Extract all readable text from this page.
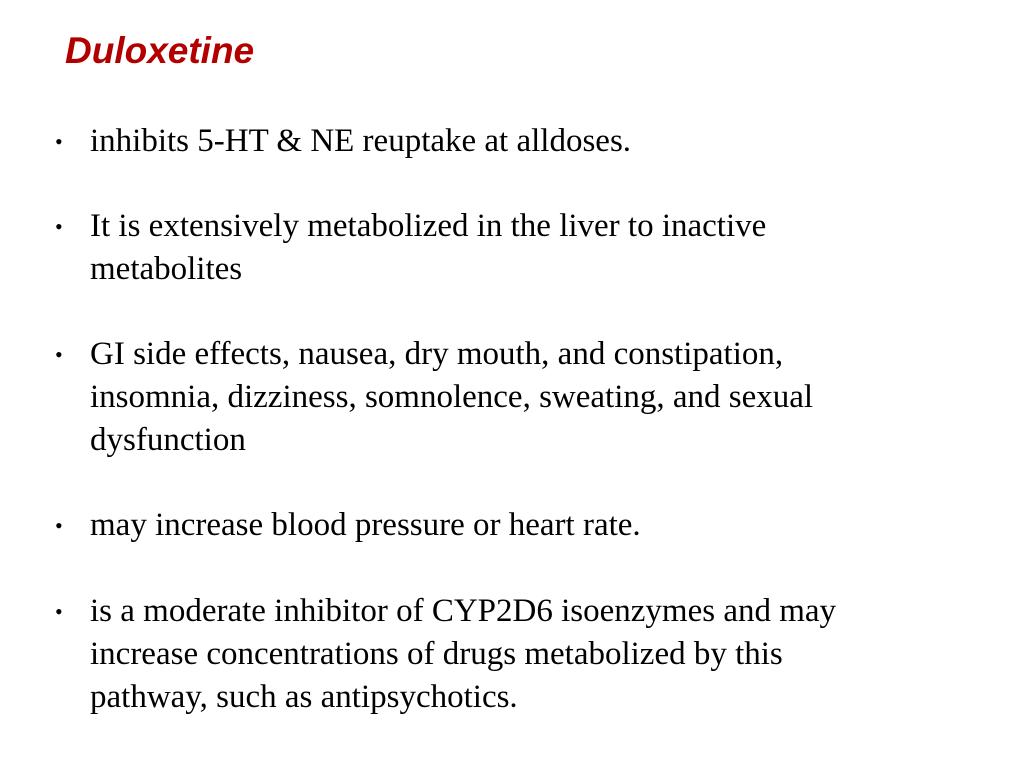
Duloxetine
• inhibits 5-HT & NE reuptake at alldoses.

• It is extensively metabolized in the liver to inactive
metabolites

• GI side effects, nausea, dry mouth, and constipation,
insomnia, dizziness, somnolence, sweating, and sexual
dysfunction

• may increase blood pressure or heart rate.

• is a moderate inhibitor of CYP2D6 isoenzymes and may
increase concentrations of drugs metabolized by this
pathway, such as antipsychotics.
